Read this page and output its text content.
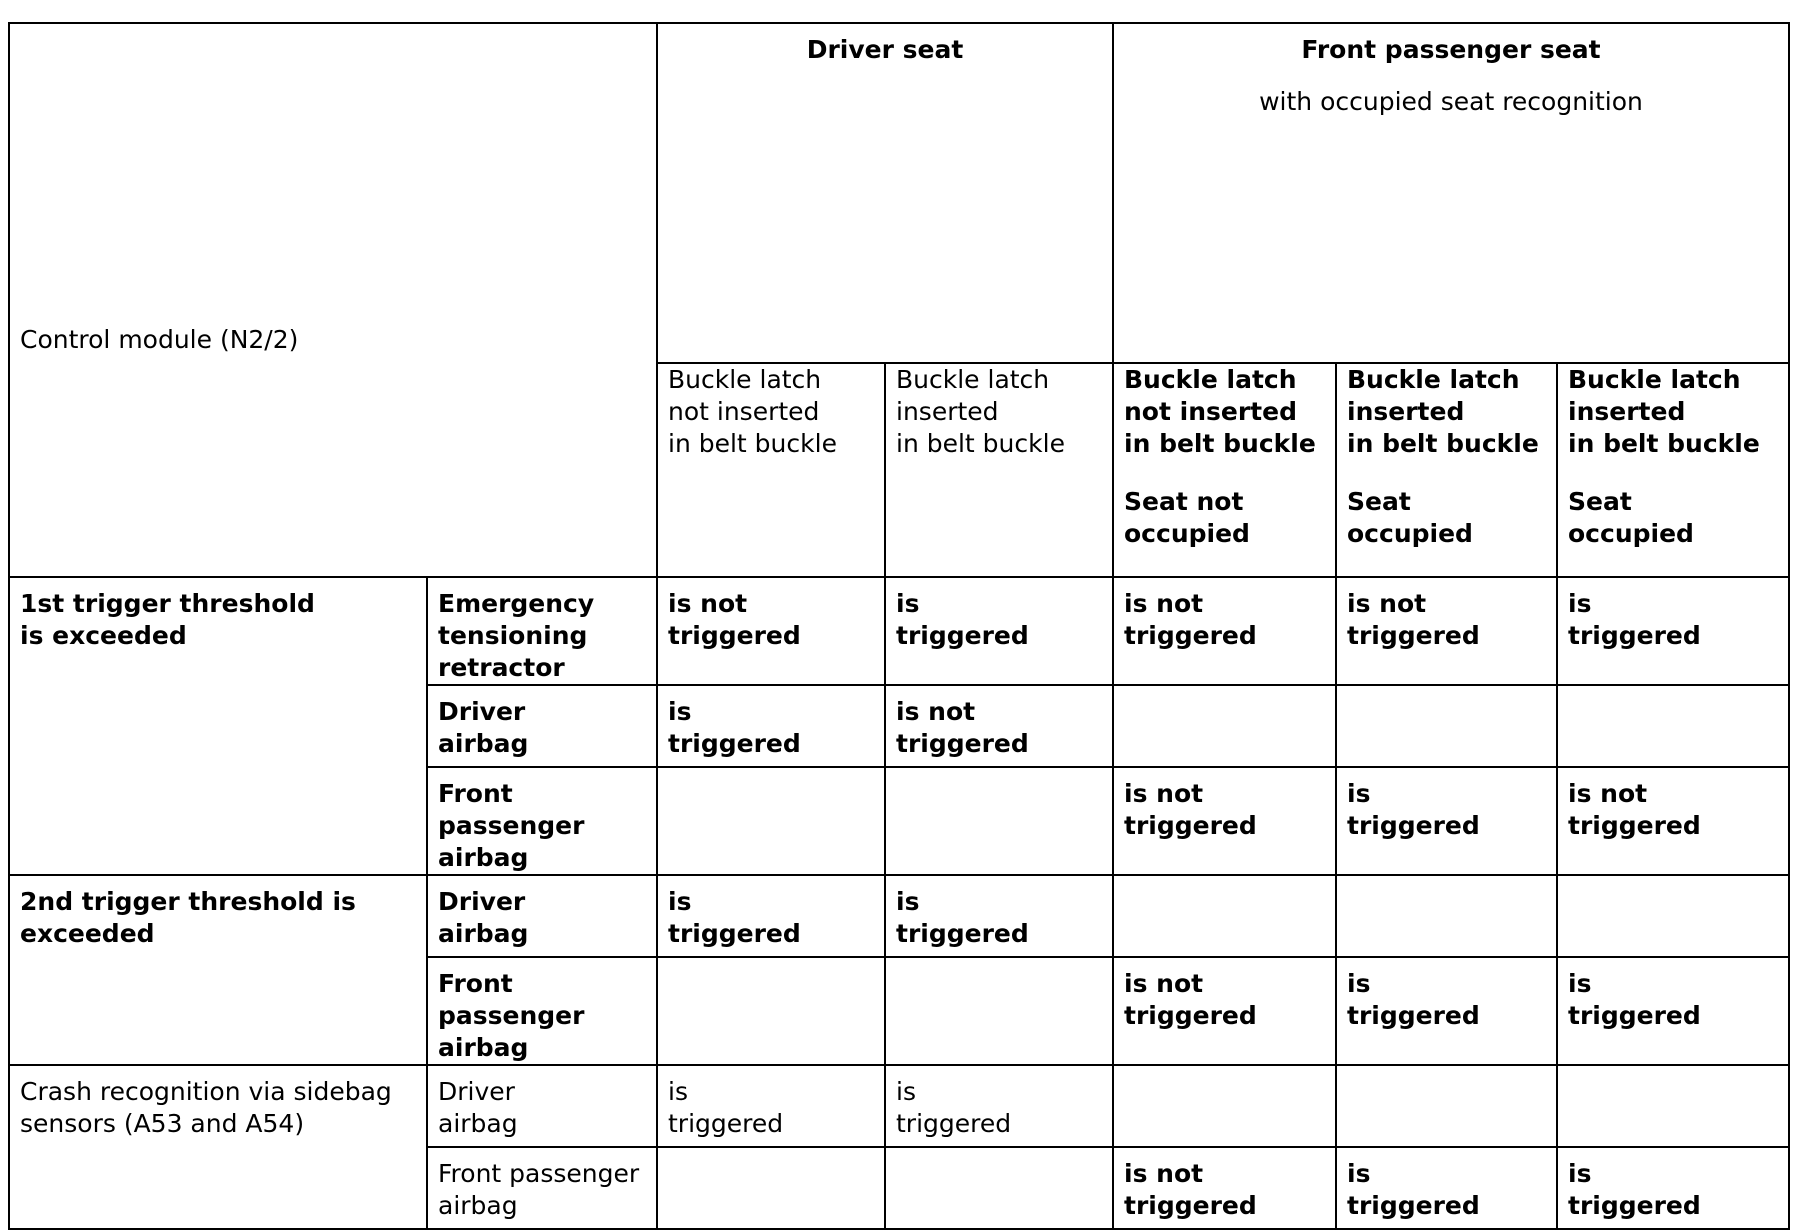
Control module (N2/2)		Driver seat		Front passenger seat
with occupied seat recognition		

		Buckle latch
not inserted
in belt buckle	Buckle latch
inserted
in belt buckle	Buckle latch
not inserted
in belt buckle
Seat not
occupied	Buckle latch
inserted
in belt buckle
Seat
occupied	Buckle latch
inserted
in belt buckle
Seat
occupied

1st trigger threshold
is exceeded	Emergency tensioning
retractor	is not
triggered	is
triggered	is not
triggered	is not
triggered	is
triggered
	Driver
airbag	is
triggered	is not
triggered			
	Front passenger
airbag			is not
triggered	is
triggered	is not
triggered
2nd trigger threshold is
exceeded	Driver
airbag	is
triggered	is
triggered			
	Front passenger
airbag			is not
triggered	is
triggered	is
triggered
Crash recognition via sidebag
sensors (A53 and A54)	Driver
airbag	is
triggered	is
triggered			
	Front passenger
airbag			is not
triggered	is
triggered	is
triggered
